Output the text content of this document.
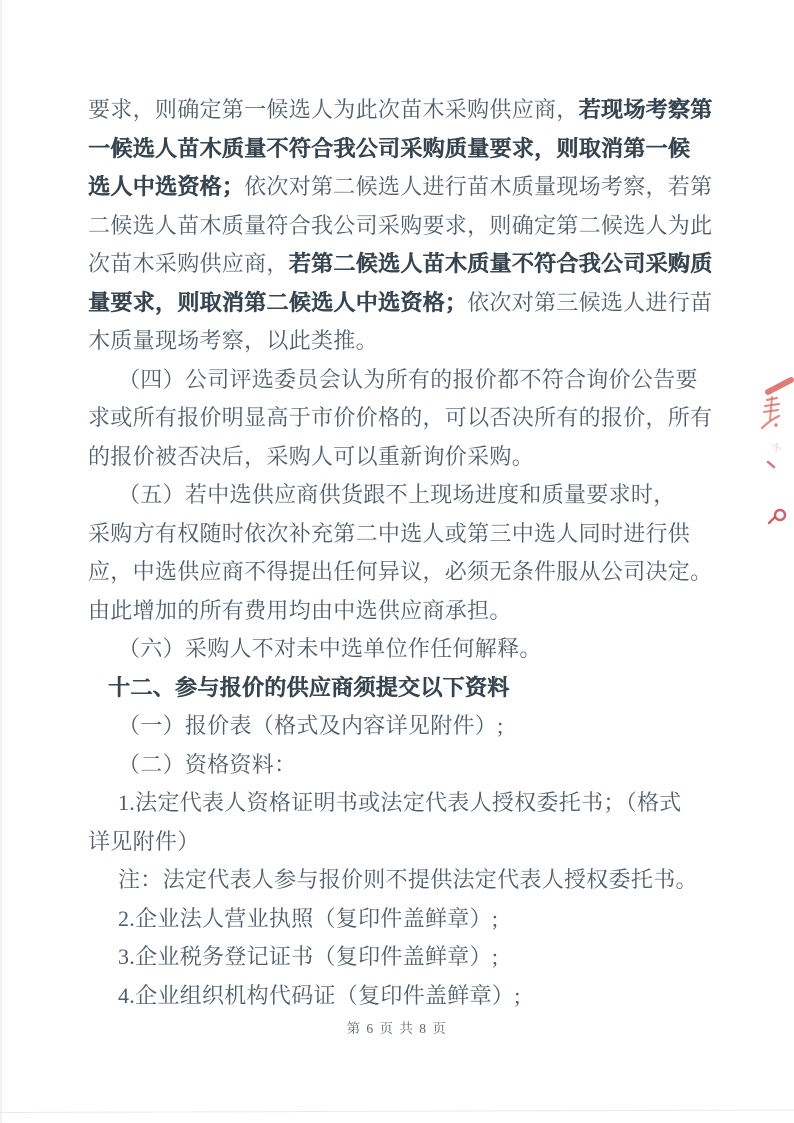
要求，则确定第一候选人为此次苗木采购供应商，若现场考察第
一候选人苗木质量不符合我公司采购质量要求，则取消第一候
选人中选资格；依次对第二候选人进行苗木质量现场考察，若第
二候选人苗木质量符合我公司采购要求，则确定第二候选人为此
次苗木采购供应商，若第二候选人苗木质量不符合我公司采购质
量要求，则取消第二候选人中选资格；依次对第三候选人进行苗
木质量现场考察，以此类推。
（四）公司评选委员会认为所有的报价都不符合询价公告要
求或所有报价明显高于市价价格的，可以否决所有的报价，所有
的报价被否决后，采购人可以重新询价采购。
（五）若中选供应商供货跟不上现场进度和质量要求时，
采购方有权随时依次补充第二中选人或第三中选人同时进行供
应，中选供应商不得提出任何异议，必须无条件服从公司决定。
由此增加的所有费用均由中选供应商承担。
（六）采购人不对未中选单位作任何解释。
十二、参与报价的供应商须提交以下资料
（一）报价表（格式及内容详见附件）;
（二）资格资料：
1.法定代表人资格证明书或法定代表人授权委托书；（格式
详见附件）
注：法定代表人参与报价则不提供法定代表人授权委托书。
2.企业法人营业执照（复印件盖鲜章）;
3.企业税务登记证书（复印件盖鲜章）;
4.企业组织机构代码证（复印件盖鲜章）;
第 6 页 共 8 页
